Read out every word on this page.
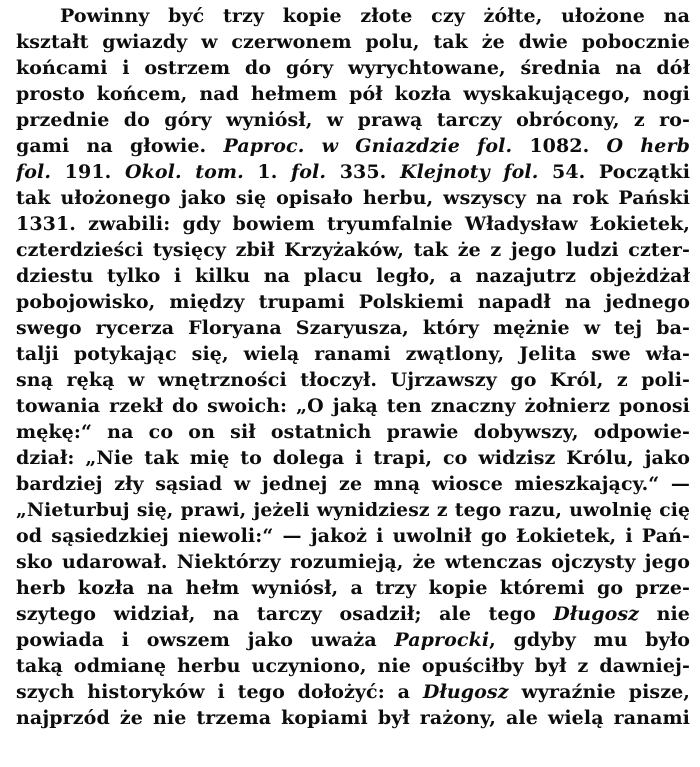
Powinny być trzy kopie złote czy żółte, ułożone na
kształt gwiazdy w czerwonem polu, tak że dwie pobocznie
końcami i ostrzem do góry wyrychtowane, średnia na dół
prosto końcem, nad hełmem pół kozła wyskakującego, nogi
przednie do góry wyniósł, w prawą tarczy obrócony, z ro-
gami na głowie. Paproc. w Gniazdzie fol. 1082. O herb
fol. 191. Okol. tom. 1. fol. 335. Klejnoty fol. 54. Początki
tak ułożonego jako się opisało herbu, wszyscy na rok Pański
1331. zwabili: gdy bowiem tryumfalnie Władysław Łokietek,
czterdzieści tysięcy zbił Krzyżaków, tak że z jego ludzi czter-
dziestu tylko i kilku na placu legło, a nazajutrz objeżdżał
pobojowisko, między trupami Polskiemi napadł na jednego
swego rycerza Floryana Szaryusza, który mężnie w tej ba-
talji potykając się, wielą ranami zwątlony, Jelita swe wła-
sną ręką w wnętrzności tłoczył. Ujrzawszy go Król, z poli-
towania rzekł do swoich: „O jaką ten znaczny żołnierz ponosi
mękę:“ na co on sił ostatnich prawie dobywszy, odpowie-
dział: „Nie tak mię to dolega i trapi, co widzisz Królu, jako
bardziej zły sąsiad w jednej ze mną wiosce mieszkający.“ —
„Nieturbuj się, prawi, jeżeli wynidziesz z tego razu, uwolnię cię
od sąsiedzkiej niewoli:“ — jakoż i uwolnił go Łokietek, i Pań-
sko udarował. Niektórzy rozumieją, że wtenczas ojczysty jego
herb kozła na hełm wyniósł, a trzy kopie któremi go prze-
szytego widział, na tarczy osadził; ale tego Długosz nie
powiada i owszem jako uważa Paprocki, gdyby mu było
taką odmianę herbu uczyniono, nie opuściłby był z dawniej-
szych historyków i tego dołożyć: a Długosz wyraźnie pisze,
najprzód że nie trzema kopiami był rażony, ale wielą ranami
